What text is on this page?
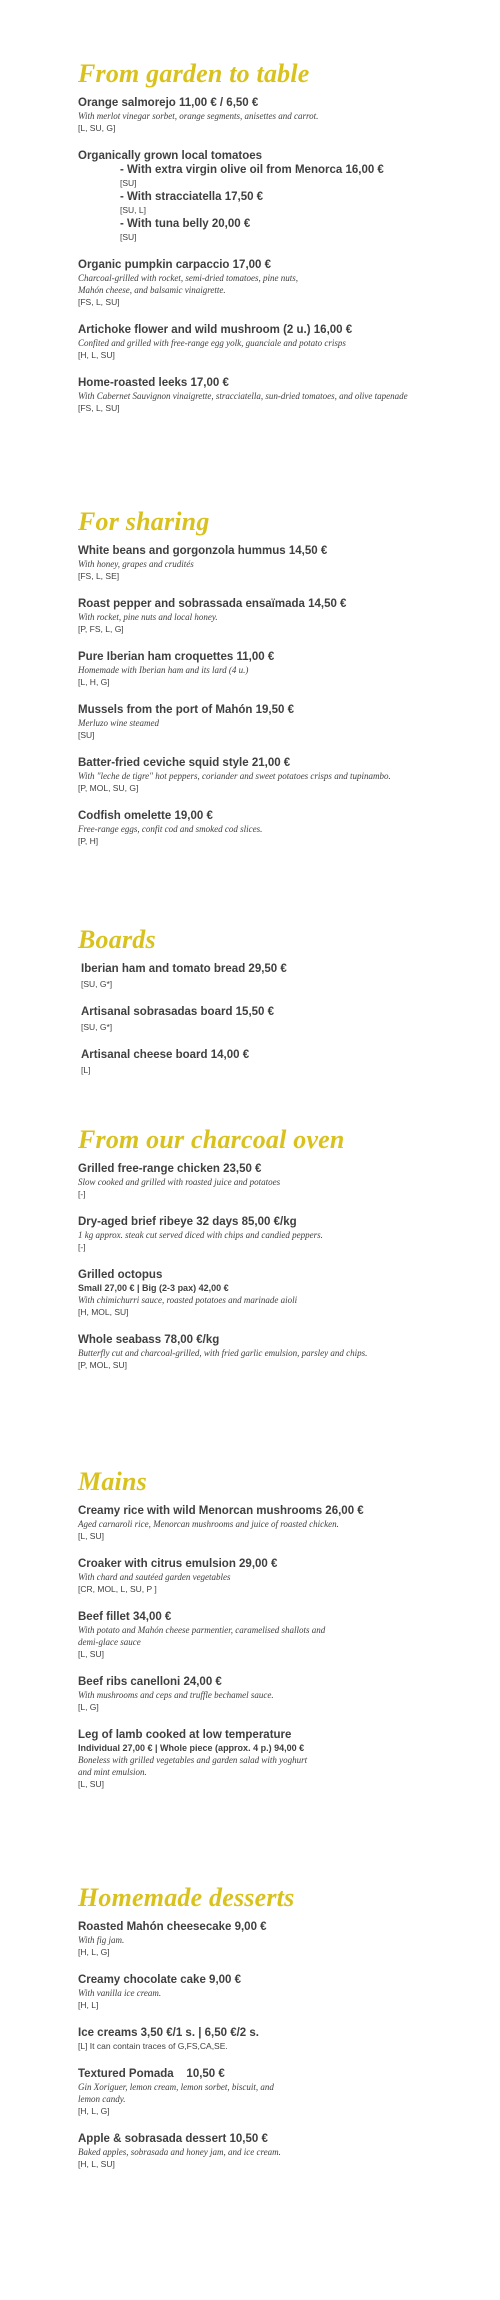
From garden to table
Orange salmorejo 11,00 € / 6,50 €
With merlot vinegar sorbet, orange segments, anisettes and carrot.
[L, SU, G]
Organically grown local tomatoes
- With extra virgin olive oil from Menorca 16,00 €
[SU]
- With stracciatella 17,50 €
[SU, L]
- With tuna belly 20,00 €
[SU]
Organic pumpkin carpaccio 17,00 €
Charcoal-grilled with rocket, semi-dried tomatoes, pine nuts,
Mahón cheese, and balsamic vinaigrette.
[FS, L, SU]
Artichoke flower and wild mushroom (2 u.) 16,00 €
Confited and grilled with free-range egg yolk, guanciale and potato crisps
[H, L, SU]
Home-roasted leeks 17,00 €
With Cabernet Sauvignon vinaigrette, stracciatella, sun-dried tomatoes, and olive tapenade
[FS, L, SU]
For sharing
White beans and gorgonzola hummus 14,50 €
With honey, grapes and crudités
[FS, L, SE]
Roast pepper and sobrassada ensaïmada 14,50 €
With rocket, pine nuts and local honey.
[P, FS, L, G]
Pure Iberian ham croquettes 11,00 €
Homemade with Iberian ham and its lard (4 u.)
[L, H, G]
Mussels from the port of Mahón 19,50 €
Merluzo wine steamed
[SU]
Batter-fried ceviche squid style 21,00 €
With "leche de tigre" hot peppers, coriander and sweet potatoes crisps and tupinambo.
[P, MOL, SU, G]
Codfish omelette 19,00 €
Free-range eggs, confit cod and smoked cod slices.
[P, H]
Boards
Iberian ham and tomato bread 29,50 €
[SU, G*]
Artisanal sobrasadas board 15,50 €
[SU, G*]
Artisanal cheese board 14,00 €
[L]
From our charcoal oven
Grilled free-range chicken 23,50 €
Slow cooked and grilled with roasted juice and potatoes
[-]
Dry-aged brief ribeye 32 days 85,00 €/kg
1 kg approx. steak cut served diced with chips and candied peppers.
[-]
Grilled octopus
Small 27,00 € | Big (2-3 pax) 42,00 €
With chimichurri sauce, roasted potatoes and marinade aioli
[H, MOL, SU]
Whole seabass 78,00 €/kg
Butterfly cut and charcoal-grilled, with fried garlic emulsion, parsley and chips.
[P, MOL, SU]
Mains
Creamy rice with wild Menorcan mushrooms 26,00 €
Aged carnaroli rice, Menorcan mushrooms and juice of roasted chicken.
[L, SU]
Croaker with citrus emulsion 29,00 €
With chard and sautéed garden vegetables
[CR, MOL, L, SU, P ]
Beef fillet 34,00 €
With potato and Mahón cheese parmentier, caramelised shallots and
demi-glace sauce
[L, SU]
Beef ribs canelloni 24,00 €
With mushrooms and ceps and truffle bechamel sauce.
[L, G]
Leg of lamb cooked at low temperature
Individual 27,00 € | Whole piece (approx. 4 p.) 94,00 €
Boneless with grilled vegetables and garden salad with yoghurt
and mint emulsion.
[L, SU]
Homemade desserts
Roasted Mahón cheesecake 9,00 €
With fig jam.
[H, L, G]
Creamy chocolate cake 9,00 €
With vanilla ice cream.
[H, L]
Ice creams 3,50 €/1 s. | 6,50 €/2 s.
[L] It can contain traces of G,FS,CA,SE.
Textured Pomada    10,50 €
Gin Xoriguer, lemon cream, lemon sorbet, biscuit, and
lemon candy.
[H, L, G]
Apple & sobrasada dessert 10,50 €
Baked apples, sobrasada and honey jam, and ice cream.
[H, L, SU]
